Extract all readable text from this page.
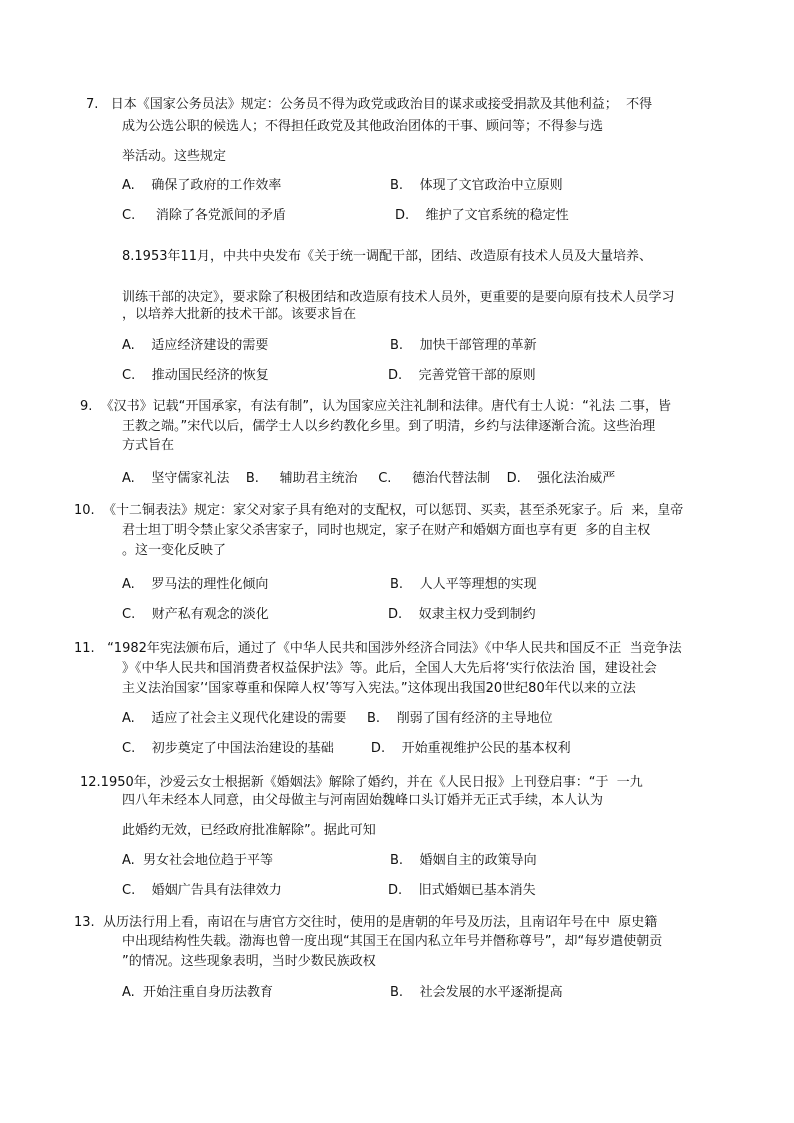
7.   日本《国家公务员法》规定：公务员不得为政党或政治目的谋求或接受捐款及其他利益；  不得
成为公选公职的候选人；不得担任政党及其他政治团体的干事、顾问等；不得参与选
举活动。这些规定
A.    确保了政府的工作效率	B.    体现了文官政治中立原则
C.     消除了各党派间的矛盾	D.    维护了文官系统的稳定性
8.1953年11月，中共中央发布《关于统一调配干部，团结、改造原有技术人员及大量培养、
训练干部的决定》，要求除了积极团结和改造原有技术人员外，更重要的是要向原有技术人员学习
，以培养大批新的技术干部。该要求旨在
A.    适应经济建设的需要	B.    加快干部管理的革新
C.    推动国民经济的恢复	D.    完善党管干部的原则
9.  《汉书》记载“开国承家，有法有制”，认为国家应关注礼制和法律。唐代有士人说：“礼法 二事，皆
王教之端。”宋代以后，儒学士人以乡约教化乡里。到了明清，乡约与法律逐渐合流。这些治理
方式旨在
A.    坚守儒家礼法    B.     辅助君主统治     C.     德治代替法制    D.    强化法治威严
10.  《十二铜表法》规定：家父对家子具有绝对的支配权，可以惩罚、买卖，甚至杀死家子。后  来，皇帝
君士坦丁明令禁止家父杀害家子，同时也规定，家子在财产和婚姻方面也享有更  多的自主权
。这一变化反映了
A.    罗马法的理性化倾向	B.    人人平等理想的实现
C.    财产私有观念的淡化	D.    奴隶主权力受到制约
11.   “1982年宪法颁布后，通过了《中华人民共和国涉外经济合同法》《中华人民共和国反不正  当竞争法
》《中华人民共和国消费者权益保护法》等。此后，全国人大先后将‘实行依法治 国，建设社会
主义法治国家’‘国家尊重和保障人权’等写入宪法。”这体现出我国20世纪80年代以来的立法
A.    适应了社会主义现代化建设的需要     B.    削弱了国有经济的主导地位
C.    初步奠定了中国法治建设的基础         D.    开始重视维护公民的基本权利
12.1950年，沙爱云女士根据新《婚姻法》解除了婚约，并在《人民日报》上刊登启事：“于  一九
四八年未经本人同意，由父母做主与河南固始魏峰口头订婚并无正式手续，本人认为
此婚约无效，已经政府批准解除”。据此可知
A.  男女社会地位趋于平等	B.    婚姻自主的政策导向
C.    婚姻广告具有法律效力	D.    旧式婚姻已基本消失
13.  从历法行用上看，南诏在与唐官方交往时，使用的是唐朝的年号及历法，且南诏年号在中  原史籍
中出现结构性失载。渤海也曾一度出现“其国王在国内私立年号并僭称尊号”，却“每岁遣使朝贡
”的情况。这些现象表明，当时少数民族政权
A.  开始注重自身历法教育	B.    社会发展的水平逐渐提高
